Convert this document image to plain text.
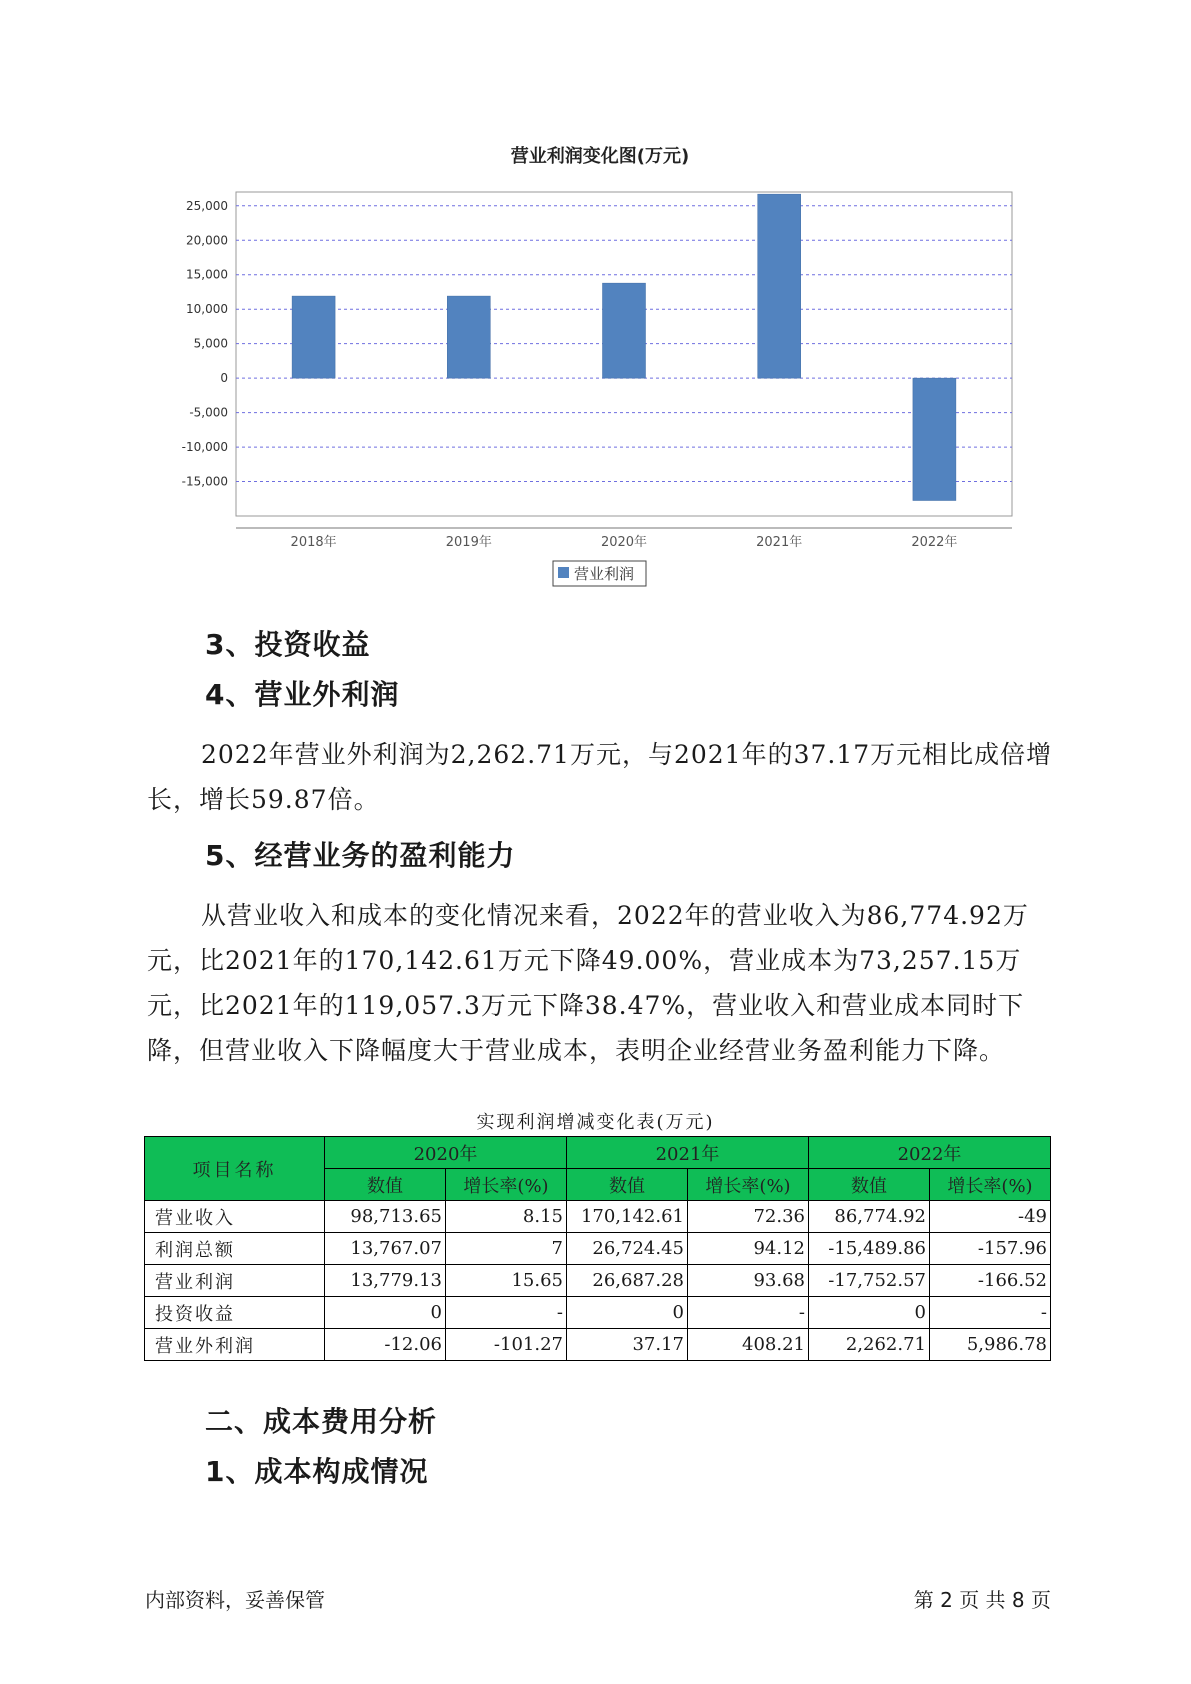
营业利润变化图(万元)
25,000
20,000
15,000
10,000
5,000
0
-5,000
-10,000
-15,000
2018年	2019年	2020年	2021年	2022年
营业利润
3、投资收益
4、营业外利润

2022年营业外利润为2,262.71万元，与2021年的37.17万元相比成倍增长，增长59.87倍。

5、经营业务的盈利能力

从营业收入和成本的变化情况来看，2022年的营业收入为86,774.92万元，比2021年的170,142.61万元下降49.00%，营业成本为73,257.15万元，比2021年的119,057.3万元下降38.47%，营业收入和营业成本同时下降，但营业收入下降幅度大于营业成本，表明企业经营业务盈利能力下降。

实现利润增减变化表(万元)
项目名称	2020年		2021年		2022年	
	数值	增长率(%)	数值	增长率(%)	数值	增长率(%)
营业收入	98,713.65	8.15	170,142.61	72.36	86,774.92	-49
利润总额	13,767.07	7	26,724.45	94.12	-15,489.86	-157.96
营业利润	13,779.13	15.65	26,687.28	93.68	-17,752.57	-166.52
投资收益	0	-	0	-	0	-
营业外利润	-12.06	-101.27	37.17	408.21	2,262.71	5,986.78
二、成本费用分析
1、成本构成情况
内部资料，妥善保管	第 2 页 共 8 页
